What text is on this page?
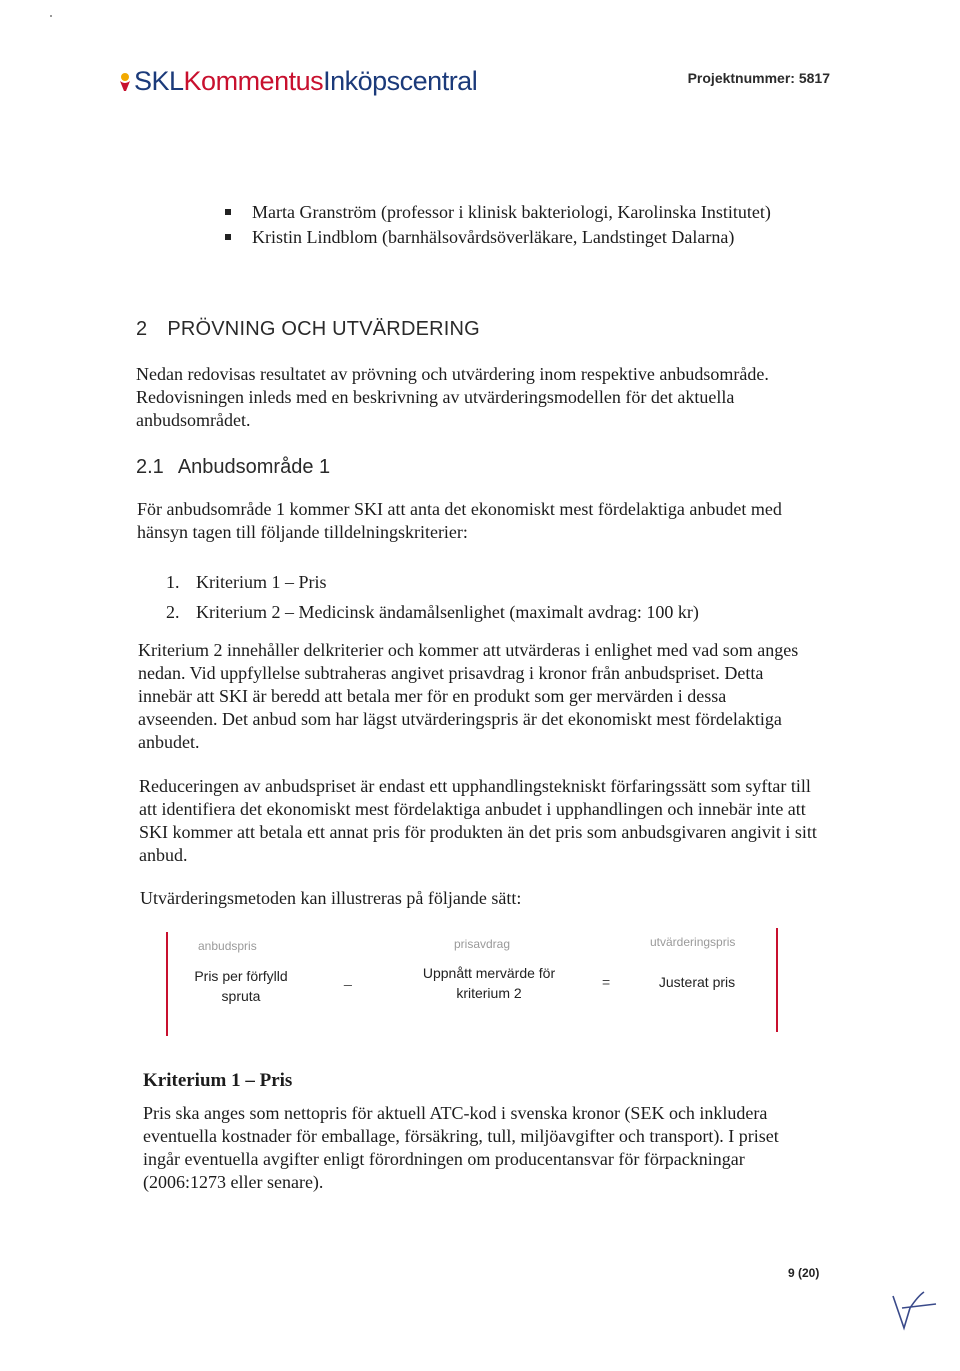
SKLKommentusInköpscentral	Projektnummer: 5817
Marta Granström (professor i klinisk bakteriologi, Karolinska Institutet)
Kristin Lindblom (barnhälsovårdsöverläkare, Landstinget Dalarna)
2 PRÖVNING OCH UTVÄRDERING
Nedan redovisas resultatet av prövning och utvärdering inom respektive anbudsområde. Redovisningen inleds med en beskrivning av utvärderingsmodellen för det aktuella anbudsområdet.
2.1 Anbudsområde 1
För anbudsområde 1 kommer SKI att anta det ekonomiskt mest fördelaktiga anbudet med hänsyn tagen till följande tilldelningskriterier:
1. Kriterium 1 – Pris
2. Kriterium 2 – Medicinsk ändamålsenlighet (maximalt avdrag: 100 kr)
Kriterium 2 innehåller delkriterier och kommer att utvärderas i enlighet med vad som anges nedan. Vid uppfyllelse subtraheras angivet prisavdrag i kronor från anbudspriset. Detta innebär att SKI är beredd att betala mer för en produkt som ger mervärden i dessa avseenden. Det anbud som har lägst utvärderingspris är det ekonomiskt mest fördelaktiga anbudet.
Reduceringen av anbudspriset är endast ett upphandlingstekniskt förfaringssätt som syftar till att identifiera det ekonomiskt mest fördelaktiga anbudet i upphandlingen och innebär inte att SKI kommer att betala ett annat pris för produkten än det pris som anbudsgivaren angivit i sitt anbud.
Utvärderingsmetoden kan illustreras på följande sätt:
anbudspris
Pris per förfylld
spruta
_
prisavdrag
Uppnått mervärde för
kriterium 2
=
utvärderingspris
Justerat pris
Kriterium 1 – Pris
Pris ska anges som nettopris för aktuell ATC-kod i svenska kronor (SEK och inkludera eventuella kostnader för emballage, försäkring, tull, miljöavgifter och transport). I priset ingår eventuella avgifter enligt förordningen om producentansvar för förpackningar (2006:1273 eller senare).
9 (20)
